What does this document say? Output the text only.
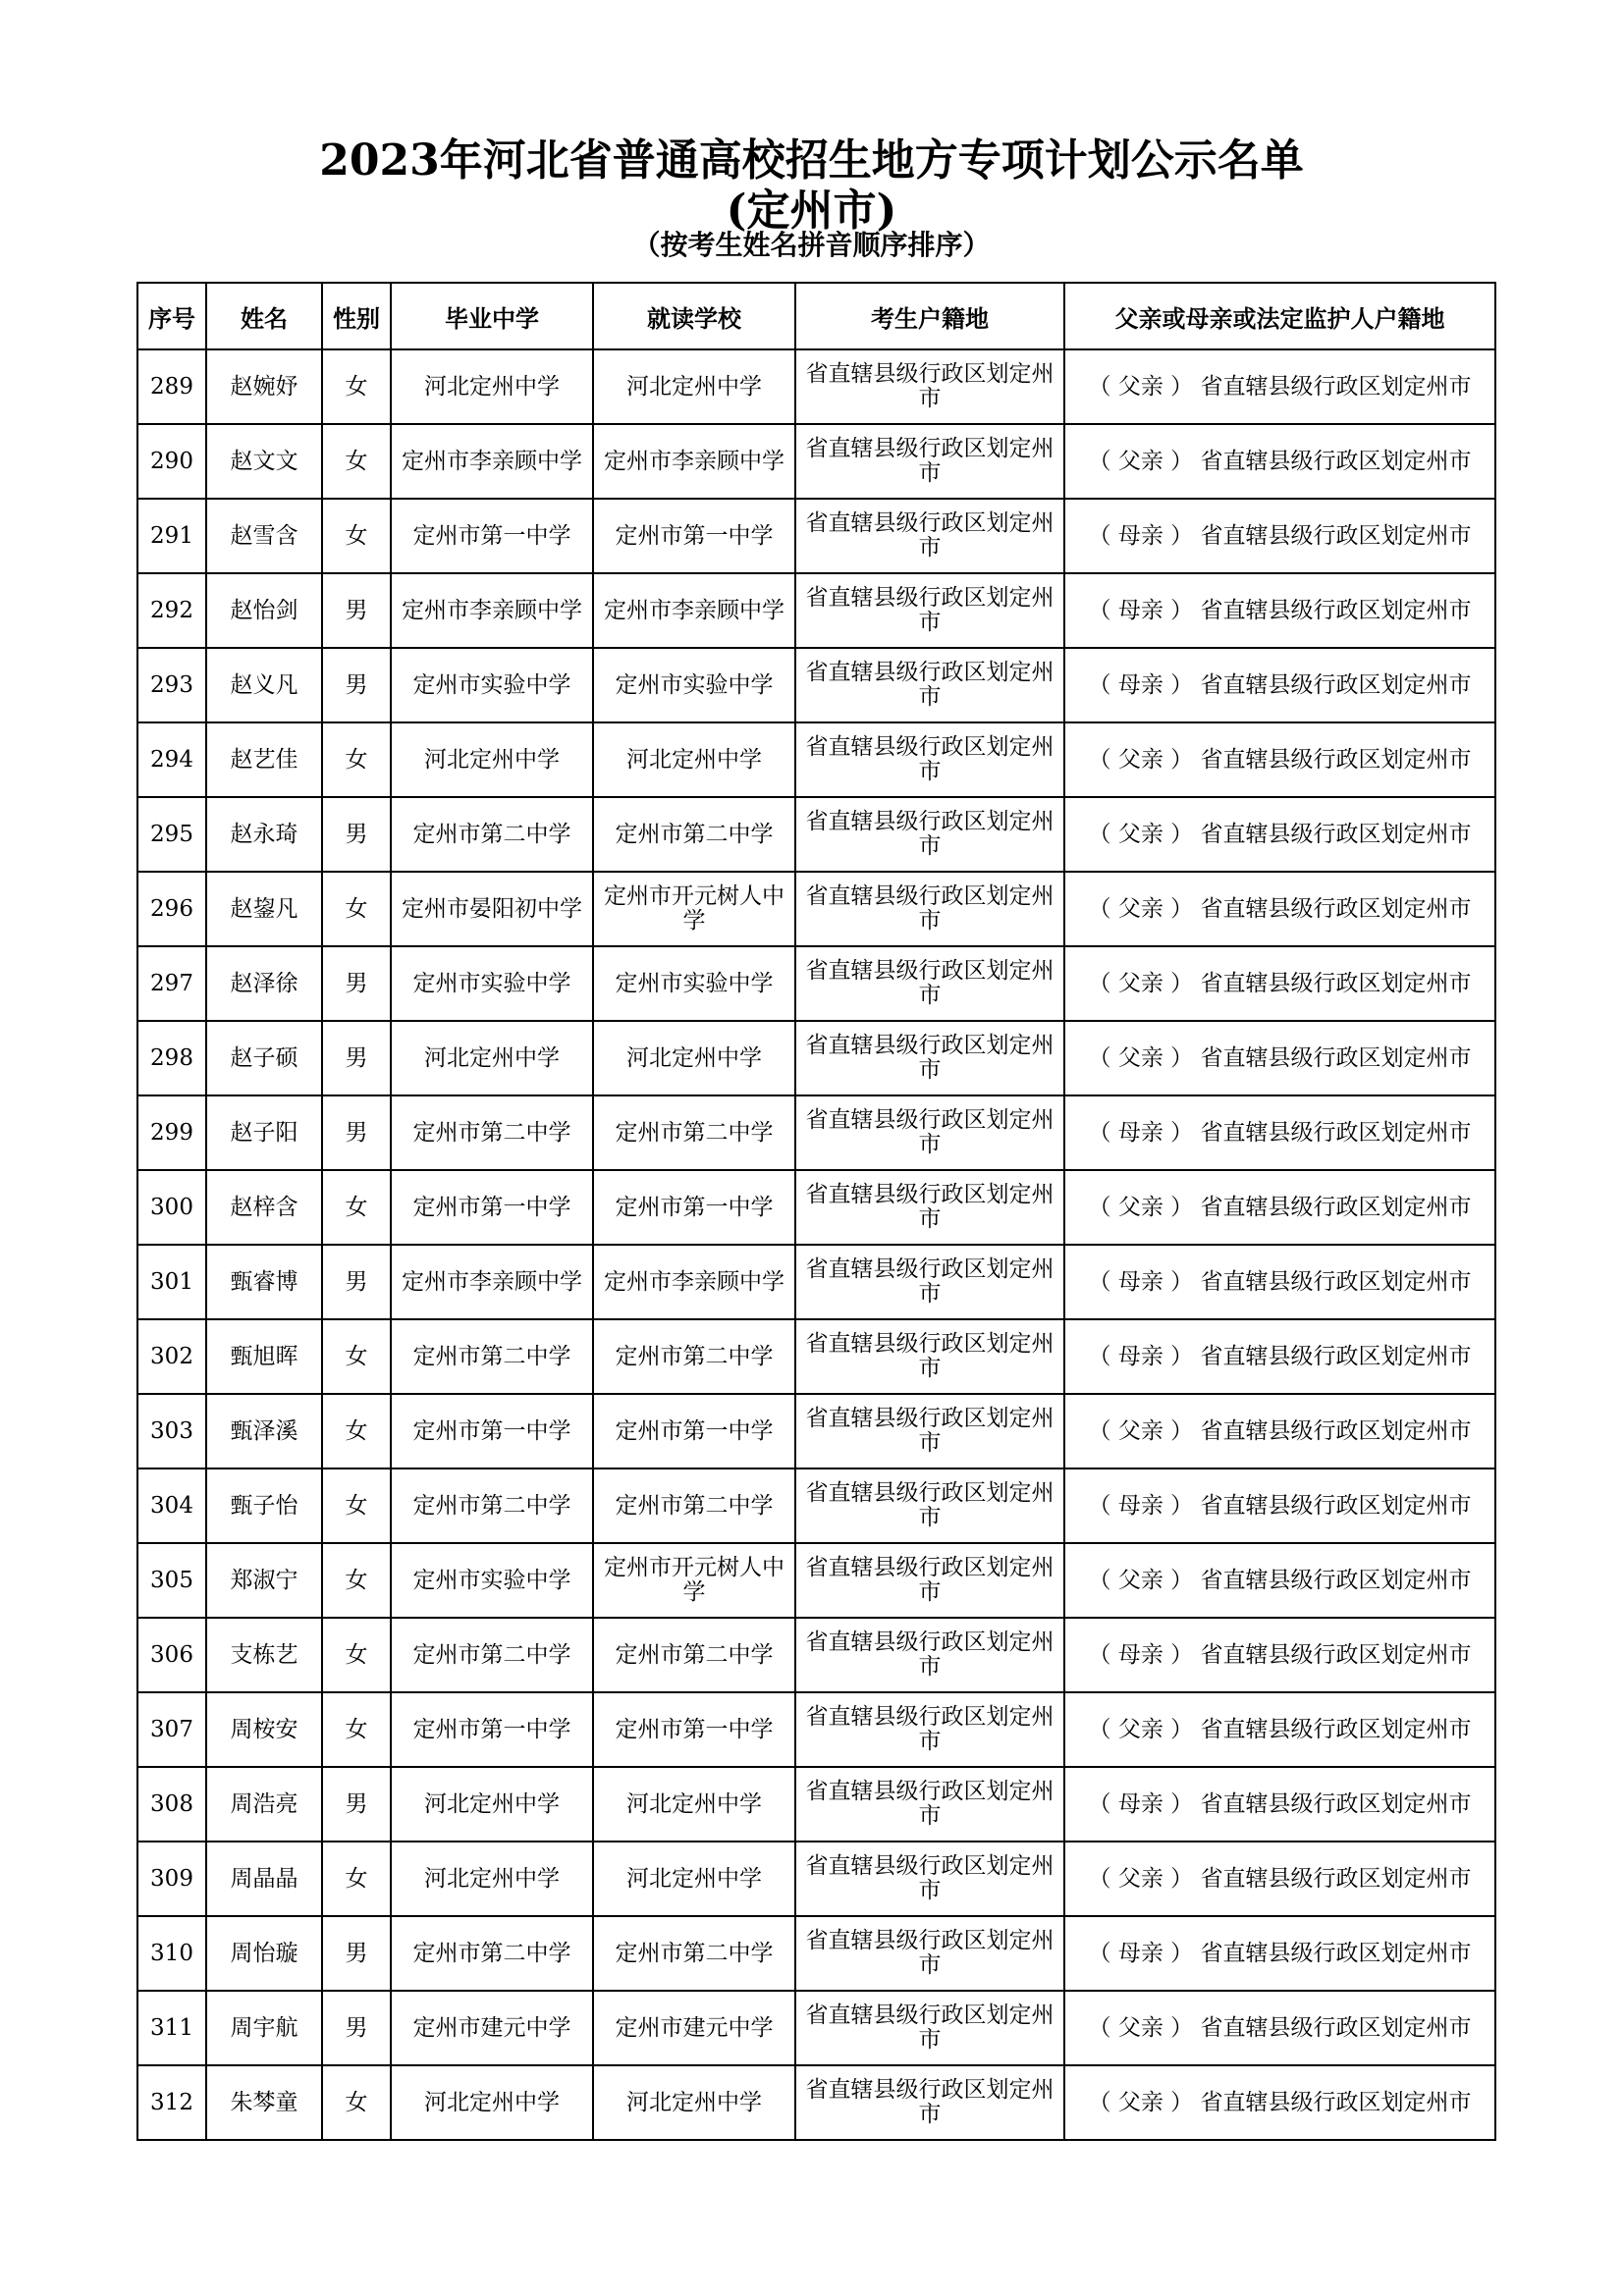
2023年河北省普通高校招生地方专项计划公示名单
(定州市)
（按考生姓名拼音顺序排序）
序号	姓名	性别	毕业中学	就读学校	考生户籍地	父亲或母亲或法定监护人户籍地
289	赵婉妤	女	河北定州中学	河北定州中学	省直辖县级行政区划定州市	（ 父亲 ） 省直辖县级行政区划定州市
290	赵文文	女	定州市李亲顾中学	定州市李亲顾中学	省直辖县级行政区划定州市	（ 父亲 ） 省直辖县级行政区划定州市
291	赵雪含	女	定州市第一中学	定州市第一中学	省直辖县级行政区划定州市	（ 母亲 ） 省直辖县级行政区划定州市
292	赵怡剑	男	定州市李亲顾中学	定州市李亲顾中学	省直辖县级行政区划定州市	（ 母亲 ） 省直辖县级行政区划定州市
293	赵义凡	男	定州市实验中学	定州市实验中学	省直辖县级行政区划定州市	（ 母亲 ） 省直辖县级行政区划定州市
294	赵艺佳	女	河北定州中学	河北定州中学	省直辖县级行政区划定州市	（ 父亲 ） 省直辖县级行政区划定州市
295	赵永琦	男	定州市第二中学	定州市第二中学	省直辖县级行政区划定州市	（ 父亲 ） 省直辖县级行政区划定州市
296	赵鋆凡	女	定州市晏阳初中学	定州市开元树人中学	省直辖县级行政区划定州市	（ 父亲 ） 省直辖县级行政区划定州市
297	赵泽徐	男	定州市实验中学	定州市实验中学	省直辖县级行政区划定州市	（ 父亲 ） 省直辖县级行政区划定州市
298	赵子硕	男	河北定州中学	河北定州中学	省直辖县级行政区划定州市	（ 父亲 ） 省直辖县级行政区划定州市
299	赵子阳	男	定州市第二中学	定州市第二中学	省直辖县级行政区划定州市	（ 母亲 ） 省直辖县级行政区划定州市
300	赵梓含	女	定州市第一中学	定州市第一中学	省直辖县级行政区划定州市	（ 父亲 ） 省直辖县级行政区划定州市
301	甄睿博	男	定州市李亲顾中学	定州市李亲顾中学	省直辖县级行政区划定州市	（ 母亲 ） 省直辖县级行政区划定州市
302	甄旭晖	女	定州市第二中学	定州市第二中学	省直辖县级行政区划定州市	（ 母亲 ） 省直辖县级行政区划定州市
303	甄泽溪	女	定州市第一中学	定州市第一中学	省直辖县级行政区划定州市	（ 父亲 ） 省直辖县级行政区划定州市
304	甄子怡	女	定州市第二中学	定州市第二中学	省直辖县级行政区划定州市	（ 母亲 ） 省直辖县级行政区划定州市
305	郑淑宁	女	定州市实验中学	定州市开元树人中学	省直辖县级行政区划定州市	（ 父亲 ） 省直辖县级行政区划定州市
306	支栋艺	女	定州市第二中学	定州市第二中学	省直辖县级行政区划定州市	（ 母亲 ） 省直辖县级行政区划定州市
307	周桉安	女	定州市第一中学	定州市第一中学	省直辖县级行政区划定州市	（ 父亲 ） 省直辖县级行政区划定州市
308	周浩亮	男	河北定州中学	河北定州中学	省直辖县级行政区划定州市	（ 母亲 ） 省直辖县级行政区划定州市
309	周晶晶	女	河北定州中学	河北定州中学	省直辖县级行政区划定州市	（ 父亲 ） 省直辖县级行政区划定州市
310	周怡璇	男	定州市第二中学	定州市第二中学	省直辖县级行政区划定州市	（ 母亲 ） 省直辖县级行政区划定州市
311	周宇航	男	定州市建元中学	定州市建元中学	省直辖县级行政区划定州市	（ 父亲 ） 省直辖县级行政区划定州市
312	朱棽童	女	河北定州中学	河北定州中学	省直辖县级行政区划定州市	（ 父亲 ） 省直辖县级行政区划定州市
